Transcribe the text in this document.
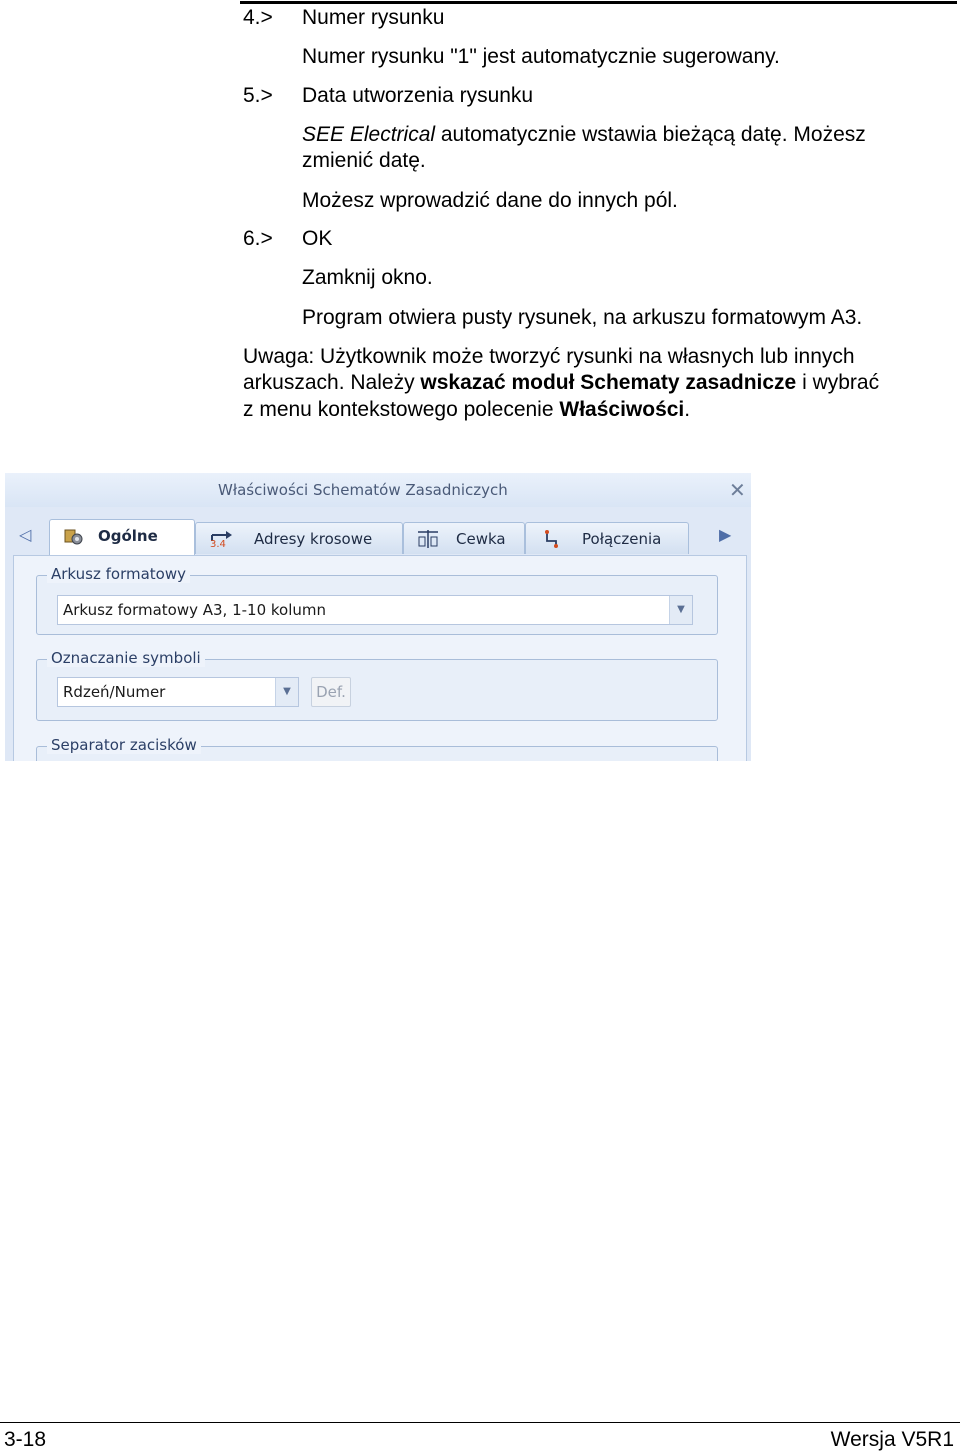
4.> Numer rysunku
Numer rysunku "1" jest automatycznie sugerowany.
5.> Data utworzenia rysunku
SEE Electrical automatycznie wstawia bieżącą datę. Możesz
zmienić datę.
Możesz wprowadzić dane do innych pól.
6.> OK
Zamknij okno.
Program otwiera pusty rysunek, na arkuszu formatowym A3.
Uwaga: Użytkownik może tworzyć rysunki na własnych lub innych
arkuszach. Należy wskazać moduł Schematy zasadnicze i wybrać
z menu kontekstowego polecenie Właściwości.
Właściwości Schematów Zasadniczych	✕
◁	Ogólne	3.4 Adresy krosowe	Cewka	Połączenia	▶
Arkusz formatowy
Arkusz formatowy A3, 1-10 kolumn	▼
Oznaczanie symboli
Rdzeń/Numer	▼	Def.
Separator zacisków
3-18	Wersja V5R1
